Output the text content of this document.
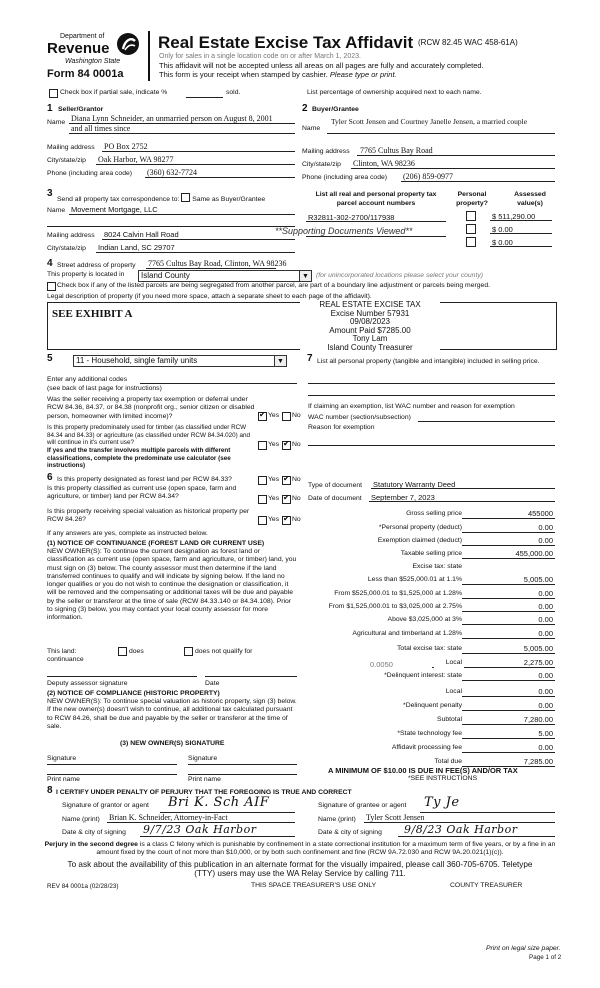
Department of
Revenue
Washington State
Form 84 0001a
Real Estate Excise Tax Affidavit (RCW 82.45 WAC 458-61A)
Only for sales in a single location code on or after March 1, 2023.
This affidavit will not be accepted unless all areas on all pages are fully and accurately completed.
This form is your receipt when stamped by cashier. Please type or print.
Check box if partial sale, indicate %	sold.	List percentage of ownership acquired next to each name.
1 Seller/Grantor
Name Diana Lynn Schneider, an unmarried person on August 8, 2001
and all times since
Mailing address PO Box 2752
City/state/zip Oak Harbor, WA 98277
Phone (including area code) (360) 632-7724
2 Buyer/Grantee
Name
Tyler Scott Jensen and Courtney Janelle Jensen, a married couple
Mailing address 7765 Cultus Bay Road
City/state/zip Clinton, WA 98236
Phone (including area code) (206) 859-0977
3
Send all property tax correspondence to: Same as Buyer/Grantee
Name Movement Mortgage, LLC
Mailing address 8024 Calvin Hall Road
City/state/zip Indian Land, SC 29707
List all real and personal property tax parcel account numbers
Personal property?
Assessed value(s)
R32811-302-2700/117938	$ 511,290.00
**Supporting Documents Viewed**	$ 0.00
$ 0.00
4 Street address of property 7765 Cultus Bay Road, Clinton, WA 98236
This property is located in	Island County	▼ (for unincorporated locations please select your county)
Check box if any of the listed parcels are being segregated from another parcel, are part of a boundary line adjustment or parcels being merged.
Legal description of property (if you need more space, attach a separate sheet to each page of the affidavit).
SEE EXHIBIT A
REAL ESTATE EXCISE TAX
Excise Number 57931
09/08/2023
Amount Paid $7285.00
Tony Lam
Island County Treasurer
5	11 - Household, single family units	▼
Enter any additional codes
(see back of last page for instructions)
Was the seller receiving a property tax exemption or deferral under RCW 84.36, 84.37, or 84.38 (nonprofit org., senior citizen or disabled person, homeowner with limited income)? ✔	Yes No
Is this property predominately used for timber (as classified under RCW 84.34 and 84.33) or agriculture (as classified under RCW 84.34.020) and will continue in it's current use?
If yes and the transfer involves multiple parcels with different classifications, complete the predominate use calculator (see instructions)
Yes ✔ No
7 List all personal property (tangible and intangible) included in selling price.
If claiming an exemption, list WAC number and reason for exemption
WAC number (section/subsection)
Reason for exemption
6 Is this property designated as forest land per RCW 84.33?	Yes ✔ No
Is this property classified as current use (open space, farm and agriculture, or timber) land per RCW 84.34?	Yes ✔ No
Is this property receiving special valuation as historical property per RCW 84.26?	Yes ✔ No
If any answers are yes, complete as instructed below.
(1) NOTICE OF CONTINUANCE (FOREST LAND OR CURRENT USE)
NEW OWNER(S): To continue the current designation as forest land or classification as current use (open space, farm and agriculture, or timber) land, you must sign on (3) below. The county assessor must then determine if the land transferred continues to qualify and will indicate by signing below. If the land no longer qualifies or you do not wish to continue the designation or classification, it will be removed and the compensating or additional taxes will be due and payable by the seller or transferor at the time of sale (RCW 84.33.140 or 84.34.108). Prior to signing (3) below, you may contact your local county assessor for more information.
This land:	does	does not qualify for
continuance
Deputy assessor signature	Date
(2) NOTICE OF COMPLIANCE (HISTORIC PROPERTY)
NEW OWNER(S): To continue special valuation as historic property, sign (3) below. If the new owner(s) doesn't wish to continue, all additional tax calculated pursuant to RCW 84.26, shall be due and payable by the seller or transferor at the time of sale.
(3) NEW OWNER(S) SIGNATURE
Signature	Signature
Print name	Print name
Type of document Statutory Warranty Deed
Date of document September 7, 2023
Gross selling price	455000
*Personal property (deduct)	0.00
Exemption claimed (deduct)	0.00
Taxable selling price	455,000.00
Excise tax: state
Less than $525,000.01 at 1.1%	5,005.00
From $525,000.01 to $1,525,000 at 1.28%	0.00
From $1,525,000.01 to $3,025,000 at 2.75%	0.00
Above $3,025,000 at 3%	0.00
Agricultural and timberland at 1.28%	0.00
Total excise tax: state	5,005.00
Local	2,275.00
*Delinquent interest: state	0.00
Local	0.00
*Delinquent penalty	0.00
Subtotal	7,280.00
*State technology fee	5.00
Affidavit processing fee	0.00
Total due	7,285.00
0.0050
A MINIMUM OF $10.00 IS DUE IN FEE(S) AND/OR TAX
*SEE INSTRUCTIONS
8 I CERTIFY UNDER PENALTY OF PERJURY THAT THE FOREGOING IS TRUE AND CORRECT
Signature of grantor or agent Bri K. Sch AIF	Signature of grantee or agent Ty Je
Name (print) Brian K. Schneider, Attorney-in-Fact	Name (print) Tyler Scott Jensen
Date & city of signing 9/7/23 Oak Harbor	Date & city of signing 9/8/23 Oak Harbor
Perjury in the second degree is a class C felony which is punishable by confinement in a state correctional institution for a maximum term of five years, or by a fine in an amount fixed by the court of not more than $10,000, or by both such confinement and fine (RCW 9A.72.030 and RCW 9A.20.021(1)(c)).
To ask about the availability of this publication in an alternate format for the visually impaired, please call 360-705-6705. Teletype
(TTY) users may use the WA Relay Service by calling 711.
REV 84 0001a (02/28/23)	THIS SPACE TREASURER'S USE ONLY	COUNTY TREASURER
Print on legal size paper.
Page 1 of 2
